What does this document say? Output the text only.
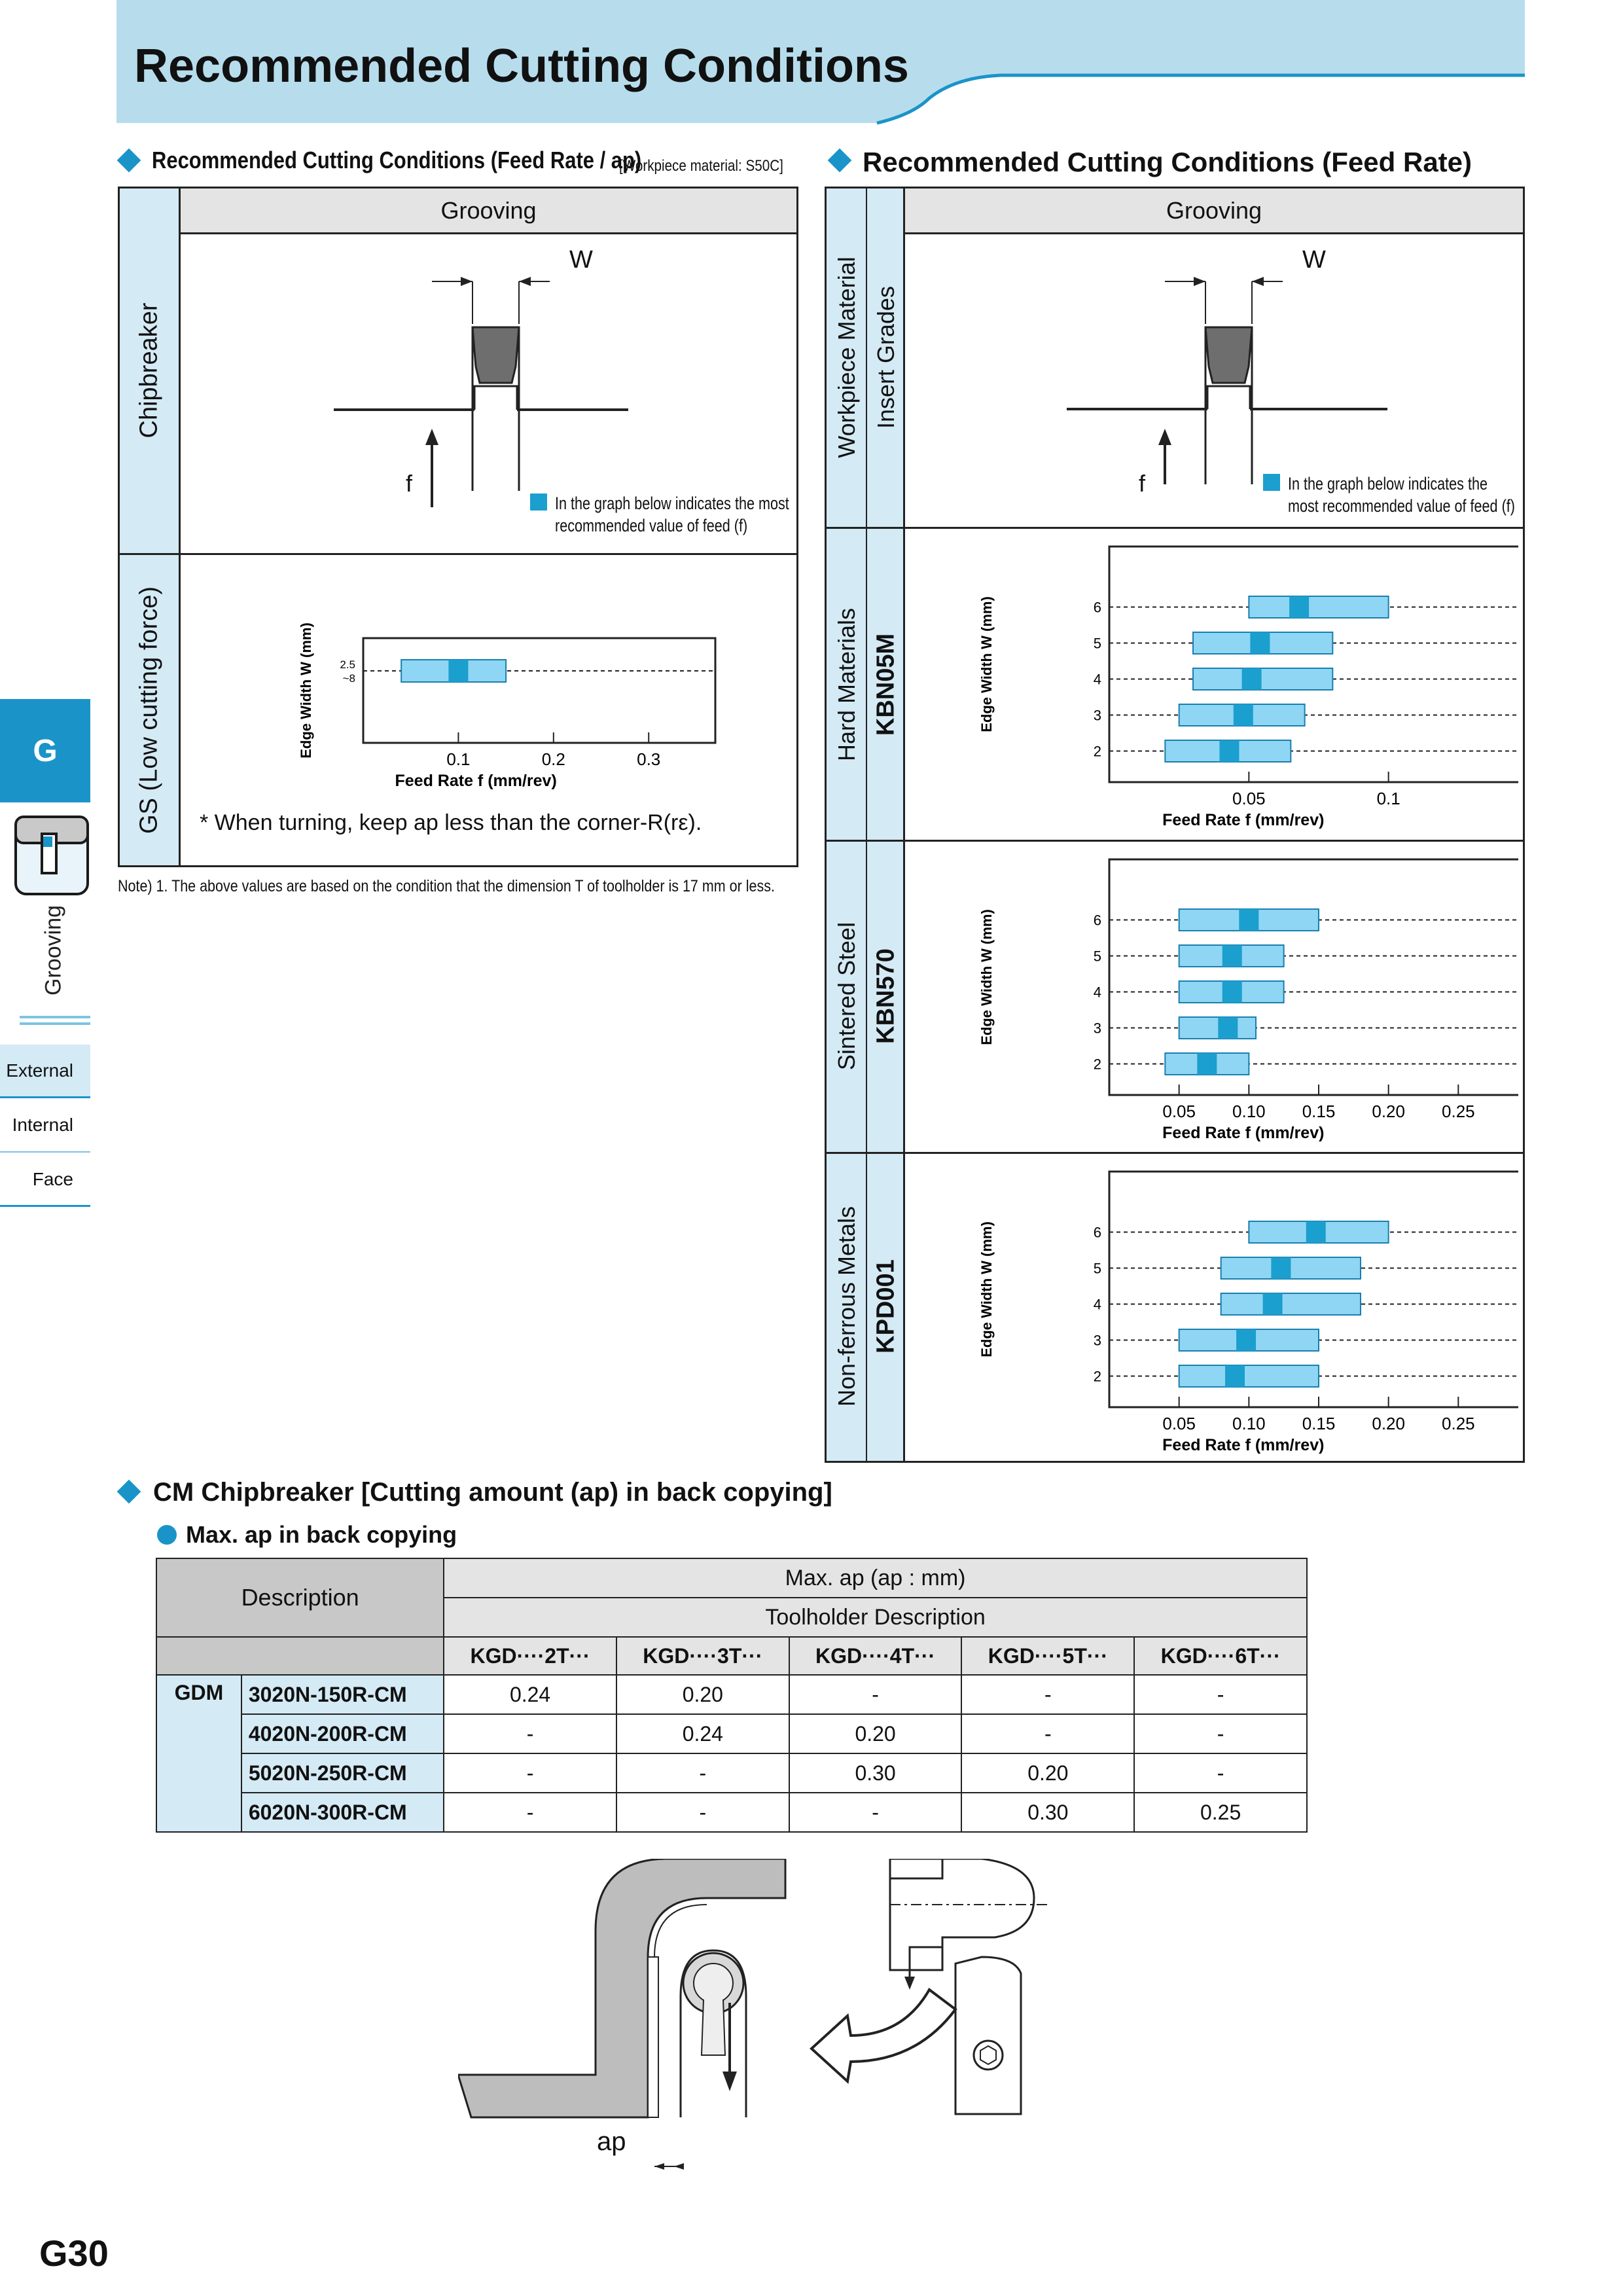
Recommended Cutting Conditions
G
Grooving
External
Internal
Face
Recommended Cutting Conditions (Feed Rate / ap)
[Workpiece material: S50C]
Grooving
Chipbreaker
GS (Low cutting force)
W
f
In the graph below indicates the most recommended value of feed (f)
0.1	0.2	0.3
2.5 ~8
Feed Rate f (mm/rev)
Edge Width W (mm)
* When turning, keep ap less than the corner-R(rε).
Note) 1. The above values are based on the condition that the dimension T of toolholder is 17 mm or less.
Recommended Cutting Conditions (Feed Rate)
Grooving
Workpiece Material Insert Grades
Hard Materials KBN05M
Sintered Steel KBN570
Non-ferrous Metals KPD001
W
f	In the graph below indicates the most recommended value of feed (f)
0.05	0.1
2
3
4
5
6
Feed Rate f (mm/rev)
Edge Width W (mm)
0.05 0.10 0.15 0.20 0.25
2
3
4
5
6
Feed Rate f (mm/rev)
Edge Width W (mm)
0.05 0.10 0.15 0.20 0.25
2
3
4
5
6
Feed Rate f (mm/rev)
Edge Width W (mm)
CM Chipbreaker [Cutting amount (ap) in back copying]
Max. ap in back copying
Description		Max. ap (ap : mm)				
		Toolholder Description				
		KGD····2T···	KGD····3T···	KGD····4T···	KGD····5T···	KGD····6T···
GDM	3020N-150R-CM	0.24	0.20	-	-	-
	4020N-200R-CM	-	0.24	0.20	-	-
	5020N-250R-CM	-	-	0.30	0.20	-
	6020N-300R-CM	-	-	-	0.30	0.25
ap
G30
